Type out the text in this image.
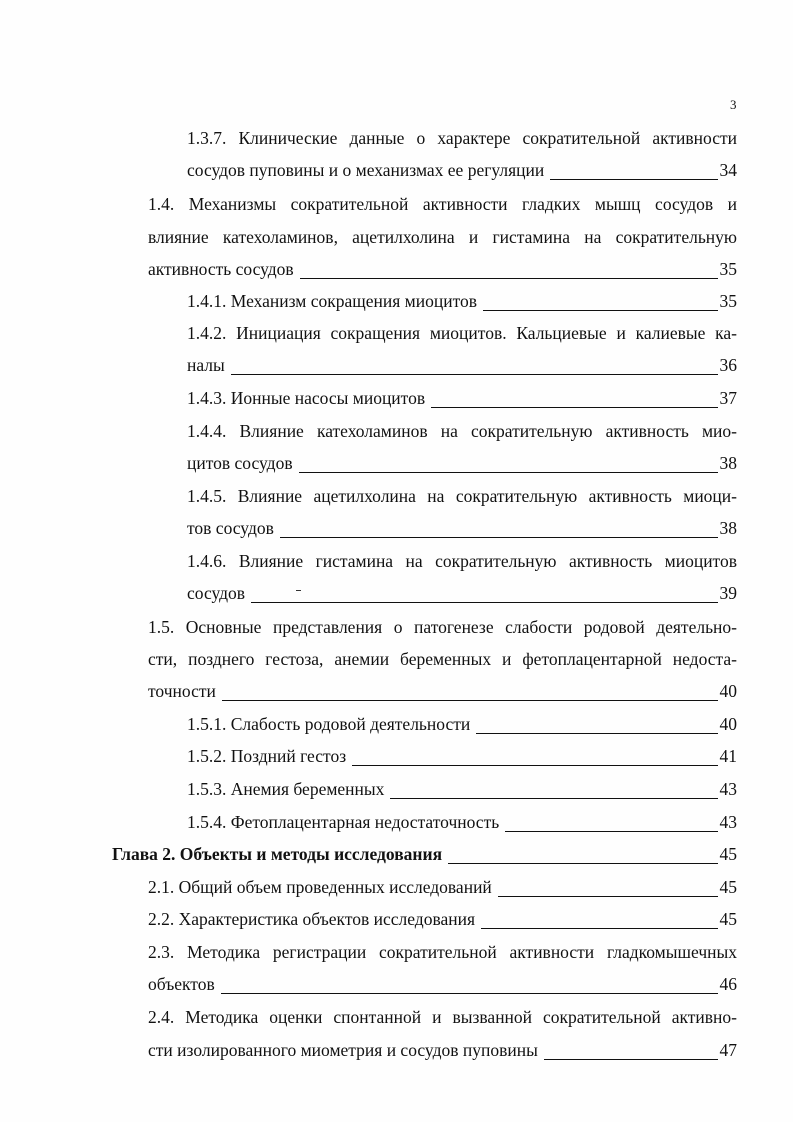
3
1.3.7. Клинические данные о характере сократительной активности
сосудов пуповины и о механизмах ее регуляции	34
1.4. Механизмы сократительной активности гладких мышц сосудов и
влияние катехоламинов, ацетилхолина и гистамина на сократительную
активность сосудов	35
1.4.1. Механизм сокращения миоцитов	35
1.4.2. Инициация сокращения миоцитов. Кальциевые и калиевые ка-
налы	36
1.4.3. Ионные насосы миоцитов	37
1.4.4. Влияние катехоламинов на сократительную активность мио-
цитов сосудов	38
1.4.5. Влияние ацетилхолина на сократительную активность миоци-
тов сосудов	38
1.4.6. Влияние гистамина на сократительную активность миоцитов
сосудов	39
1.5. Основные представления о патогенезе слабости родовой деятельно-
сти, позднего гестоза, анемии беременных и фетоплацентарной недоста-
точности	40
1.5.1. Слабость родовой деятельности	40
1.5.2. Поздний гестоз	41
1.5.3. Анемия беременных	43
1.5.4. Фетоплацентарная недостаточность	43
Глава 2. Объекты и методы исследования	45
2.1. Общий объем проведенных исследований	45
2.2. Характеристика объектов исследования	45
2.3. Методика регистрации сократительной активности гладкомышечных
объектов	46
2.4. Методика оценки спонтанной и вызванной сократительной активно-
сти изолированного миометрия и сосудов пуповины	47
